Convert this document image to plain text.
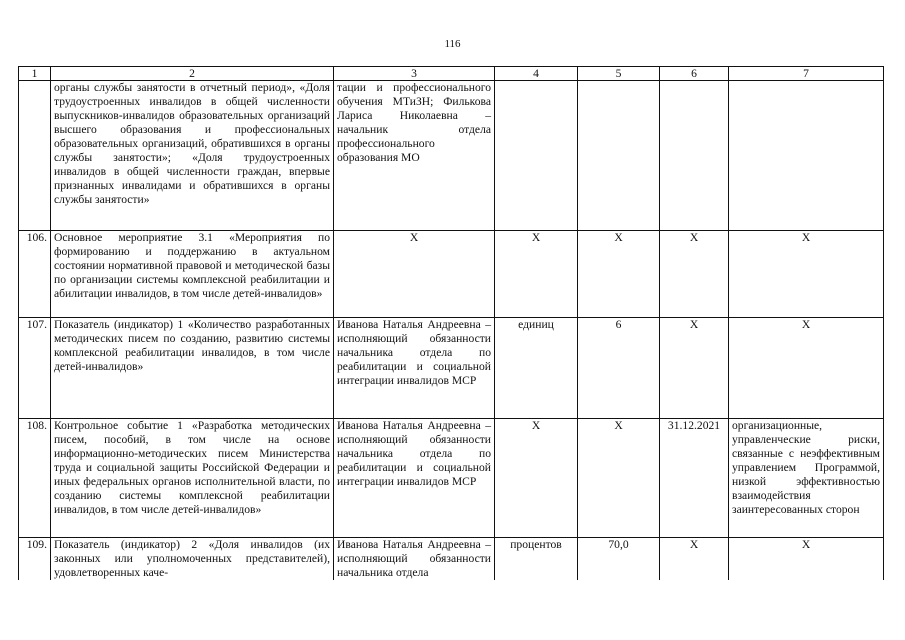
116
1	2	3	4	5	6	7
	органы службы занятости в отчетный период», «Доля трудоустроенных инвалидов в общей численности выпускников-инвалидов образовательных организаций высшего образования и профессиональных образовательных организаций, обратившихся в органы службы занятости»; «Доля трудоустроенных инвалидов в общей численности граждан, впервые признанных инвалидами и обратившихся в органы службы занятости»	тации и профессионального обучения МТиЗН; Филькова Лариса Николаевна – начальник отдела профессионального образования МО				
106.	Основное мероприятие 3.1 «Мероприятия по формированию и поддержанию в актуальном состоянии нормативной правовой и методической базы по организации системы комплексной реабилитации и абилитации инвалидов, в том числе детей-инвалидов»	Х	Х	Х	Х	Х
107.	Показатель (индикатор) 1 «Количество разработанных методических писем по созданию, развитию системы комплексной реабилитации инвалидов, в том числе детей-инвалидов»	Иванова Наталья Андреевна – исполняющий обязанности начальника отдела по реабилитации и социальной интеграции инвалидов МСР	единиц	6	Х	Х
108.	Контрольное событие 1 «Разработка методических писем, пособий, в том числе на основе информационно-методических писем Министерства труда и социальной защиты Российской Федерации и иных федеральных органов исполнительной власти, по созданию системы комплексной реабилитации инвалидов, в том числе детей-инвалидов»	Иванова Наталья Андреевна – исполняющий обязанности начальника отдела по реабилитации и социальной интеграции инвалидов МСР	Х	Х	31.12.2021	организационные, управленческие риски, связанные с неэффективным управлением Программой, низкой эффективностью взаимодействия заинтересованных сторон
109.	Показатель (индикатор) 2 «Доля инвалидов (их законных или уполномоченных представителей), удовлетворенных каче-	Иванова Наталья Андреевна – исполняющий обязанности начальника отдела	процентов	70,0	Х	Х
